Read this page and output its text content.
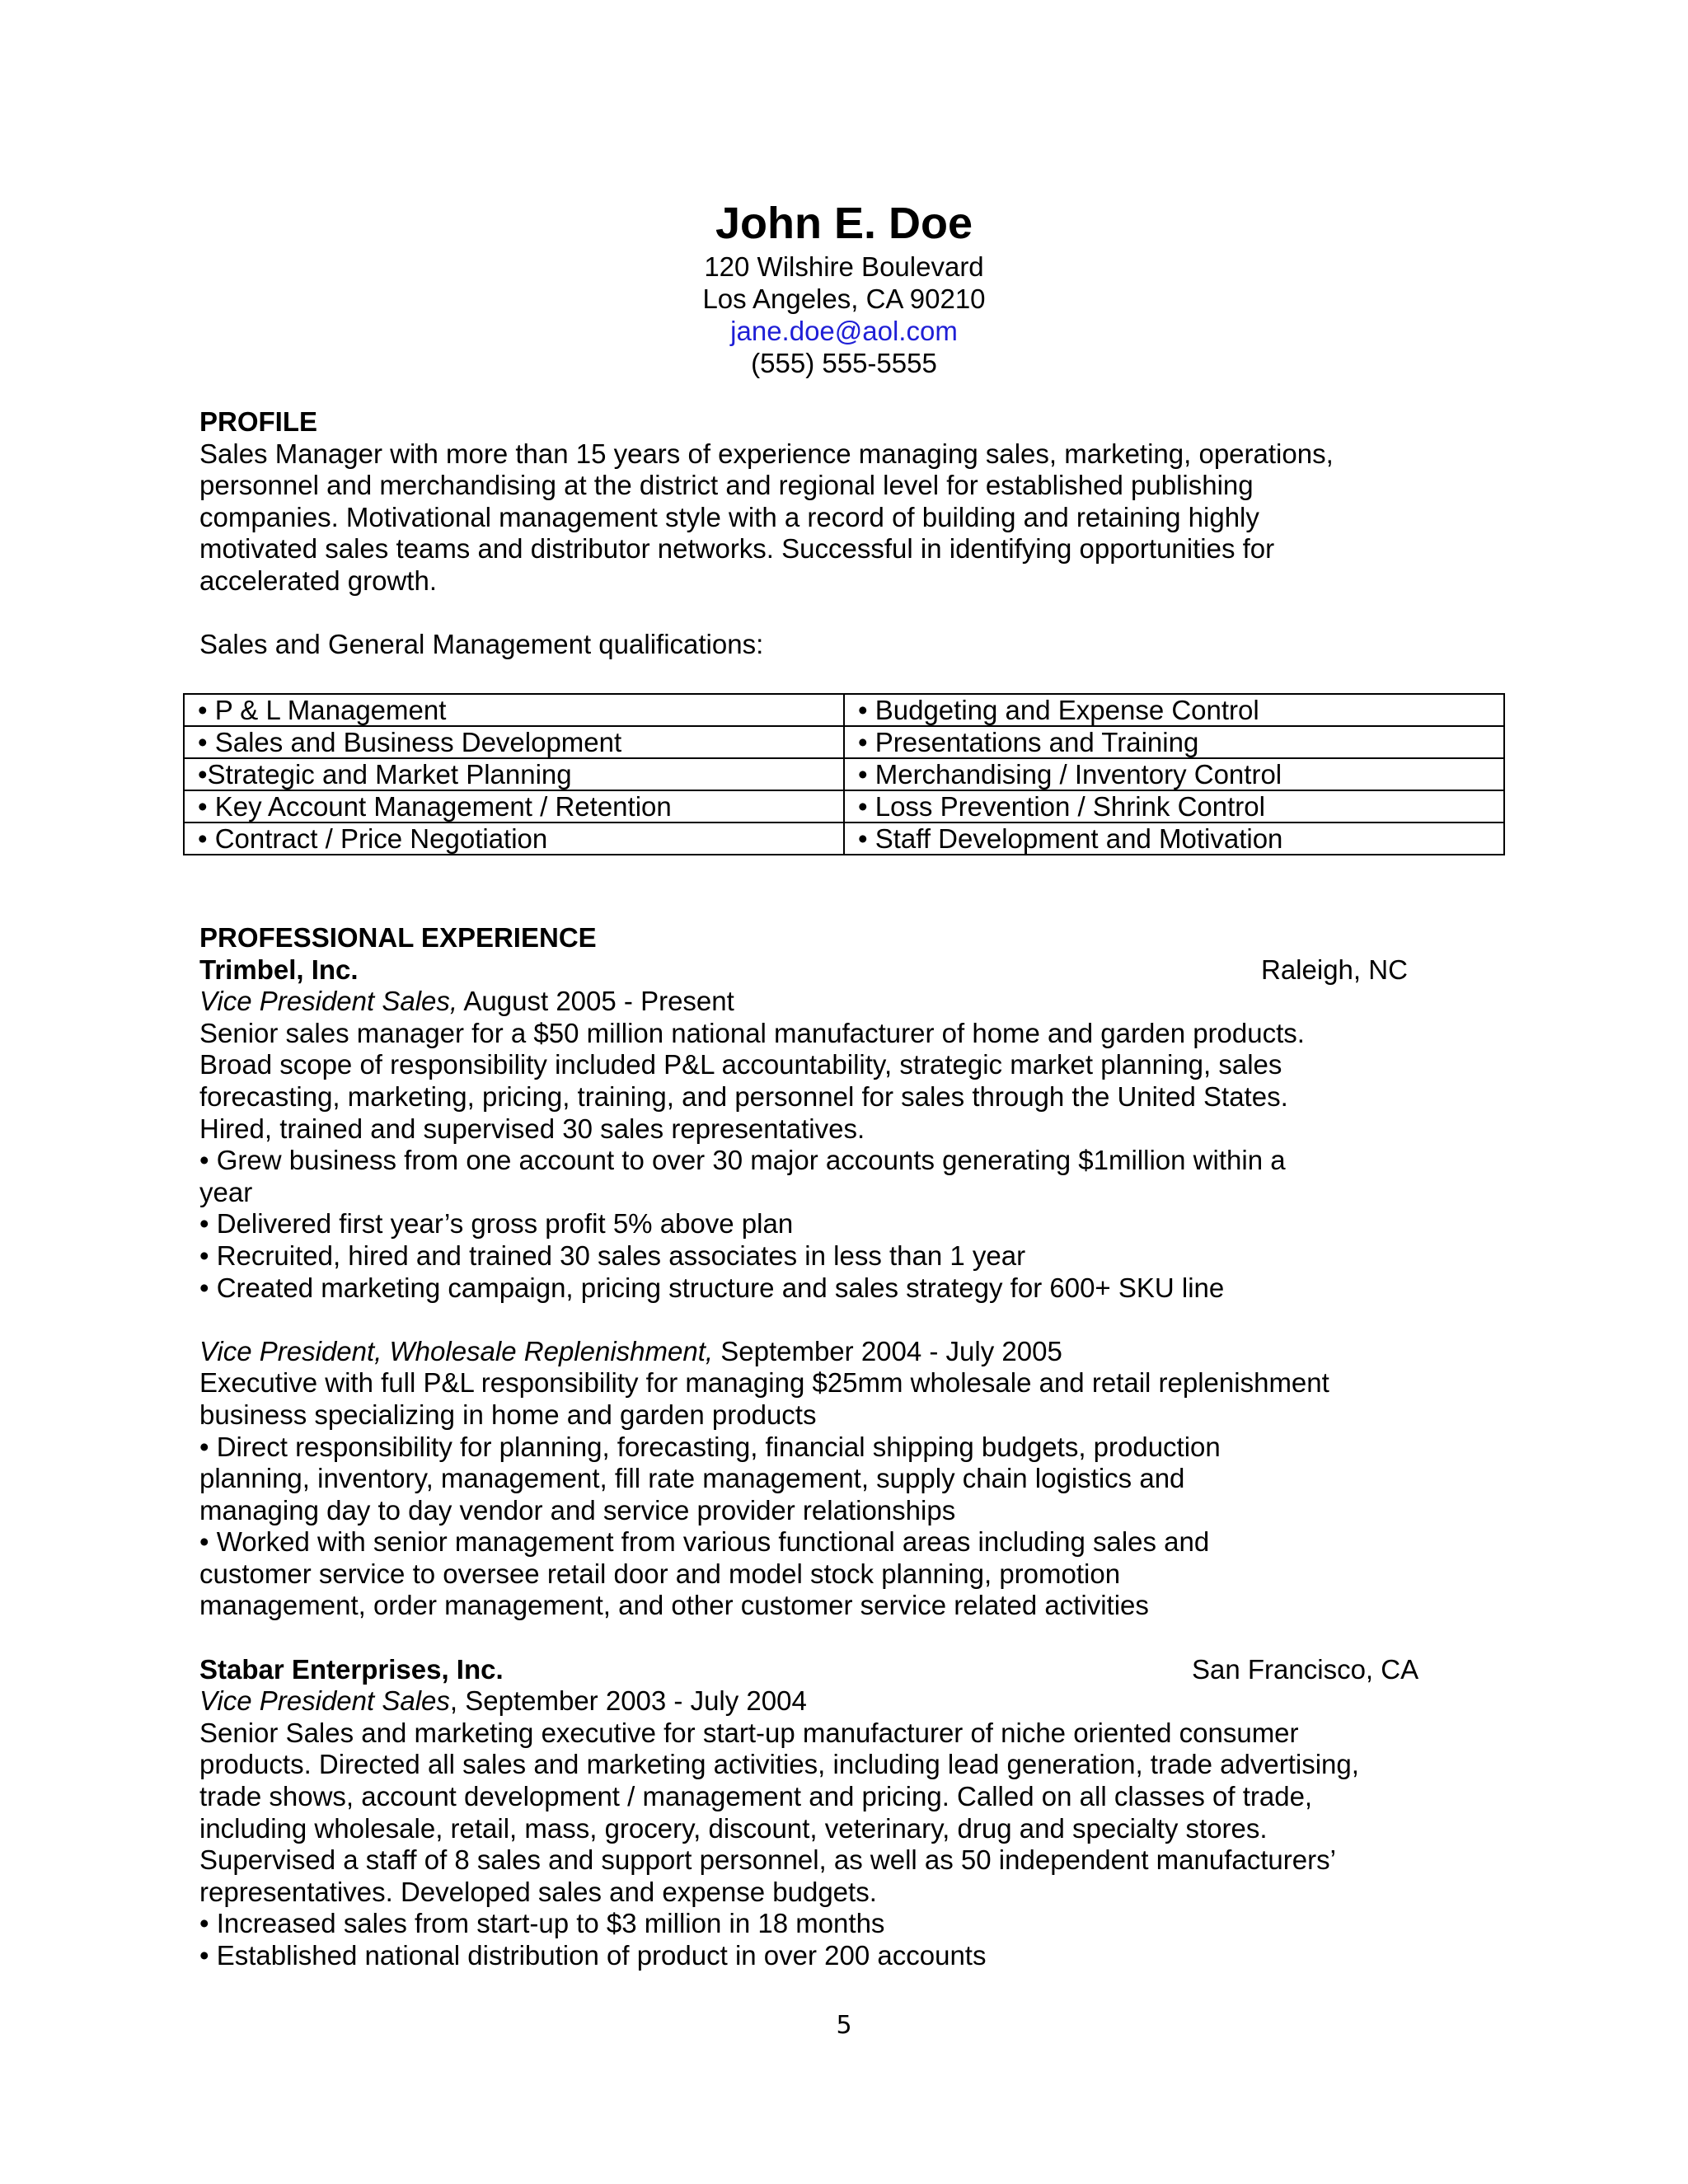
John E. Doe
120 Wilshire Boulevard
Los Angeles, CA 90210
jane.doe@aol.com
(555) 555-5555
PROFILE
Sales Manager with more than 15 years of experience managing sales, marketing, operations,
personnel and merchandising at the district and regional level for established publishing
companies. Motivational management style with a record of building and retaining highly
motivated sales teams and distributor networks. Successful in identifying opportunities for
accelerated growth.
Sales and General Management qualifications:
• P & L Management	• Budgeting and Expense Control
• Sales and Business Development	• Presentations and Training
•Strategic and Market Planning	• Merchandising / Inventory Control
• Key Account Management / Retention	• Loss Prevention / Shrink Control
• Contract / Price Negotiation	• Staff Development and Motivation
PROFESSIONAL EXPERIENCE
Trimbel, Inc.	Raleigh, NC
Vice President Sales, August 2005 - Present
Senior sales manager for a $50 million national manufacturer of home and garden products.
Broad scope of responsibility included P&L accountability, strategic market planning, sales
forecasting, marketing, pricing, training, and personnel for sales through the United States.
Hired, trained and supervised 30 sales representatives.
• Grew business from one account to over 30 major accounts generating $1million within a
year
• Delivered first year’s gross profit 5% above plan
• Recruited, hired and trained 30 sales associates in less than 1 year
• Created marketing campaign, pricing structure and sales strategy for 600+ SKU line
Vice President, Wholesale Replenishment, September 2004 - July 2005
Executive with full P&L responsibility for managing $25mm wholesale and retail replenishment
business specializing in home and garden products
• Direct responsibility for planning, forecasting, financial shipping budgets, production
planning, inventory, management, fill rate management, supply chain logistics and
managing day to day vendor and service provider relationships
• Worked with senior management from various functional areas including sales and
customer service to oversee retail door and model stock planning, promotion
management, order management, and other customer service related activities
Stabar Enterprises, Inc.	San Francisco, CA
Vice President Sales, September 2003 - July 2004
Senior Sales and marketing executive for start-up manufacturer of niche oriented consumer
products. Directed all sales and marketing activities, including lead generation, trade advertising,
trade shows, account development / management and pricing. Called on all classes of trade,
including wholesale, retail, mass, grocery, discount, veterinary, drug and specialty stores.
Supervised a staff of 8 sales and support personnel, as well as 50 independent manufacturers’
representatives. Developed sales and expense budgets.
• Increased sales from start-up to $3 million in 18 months
• Established national distribution of product in over 200 accounts
5
